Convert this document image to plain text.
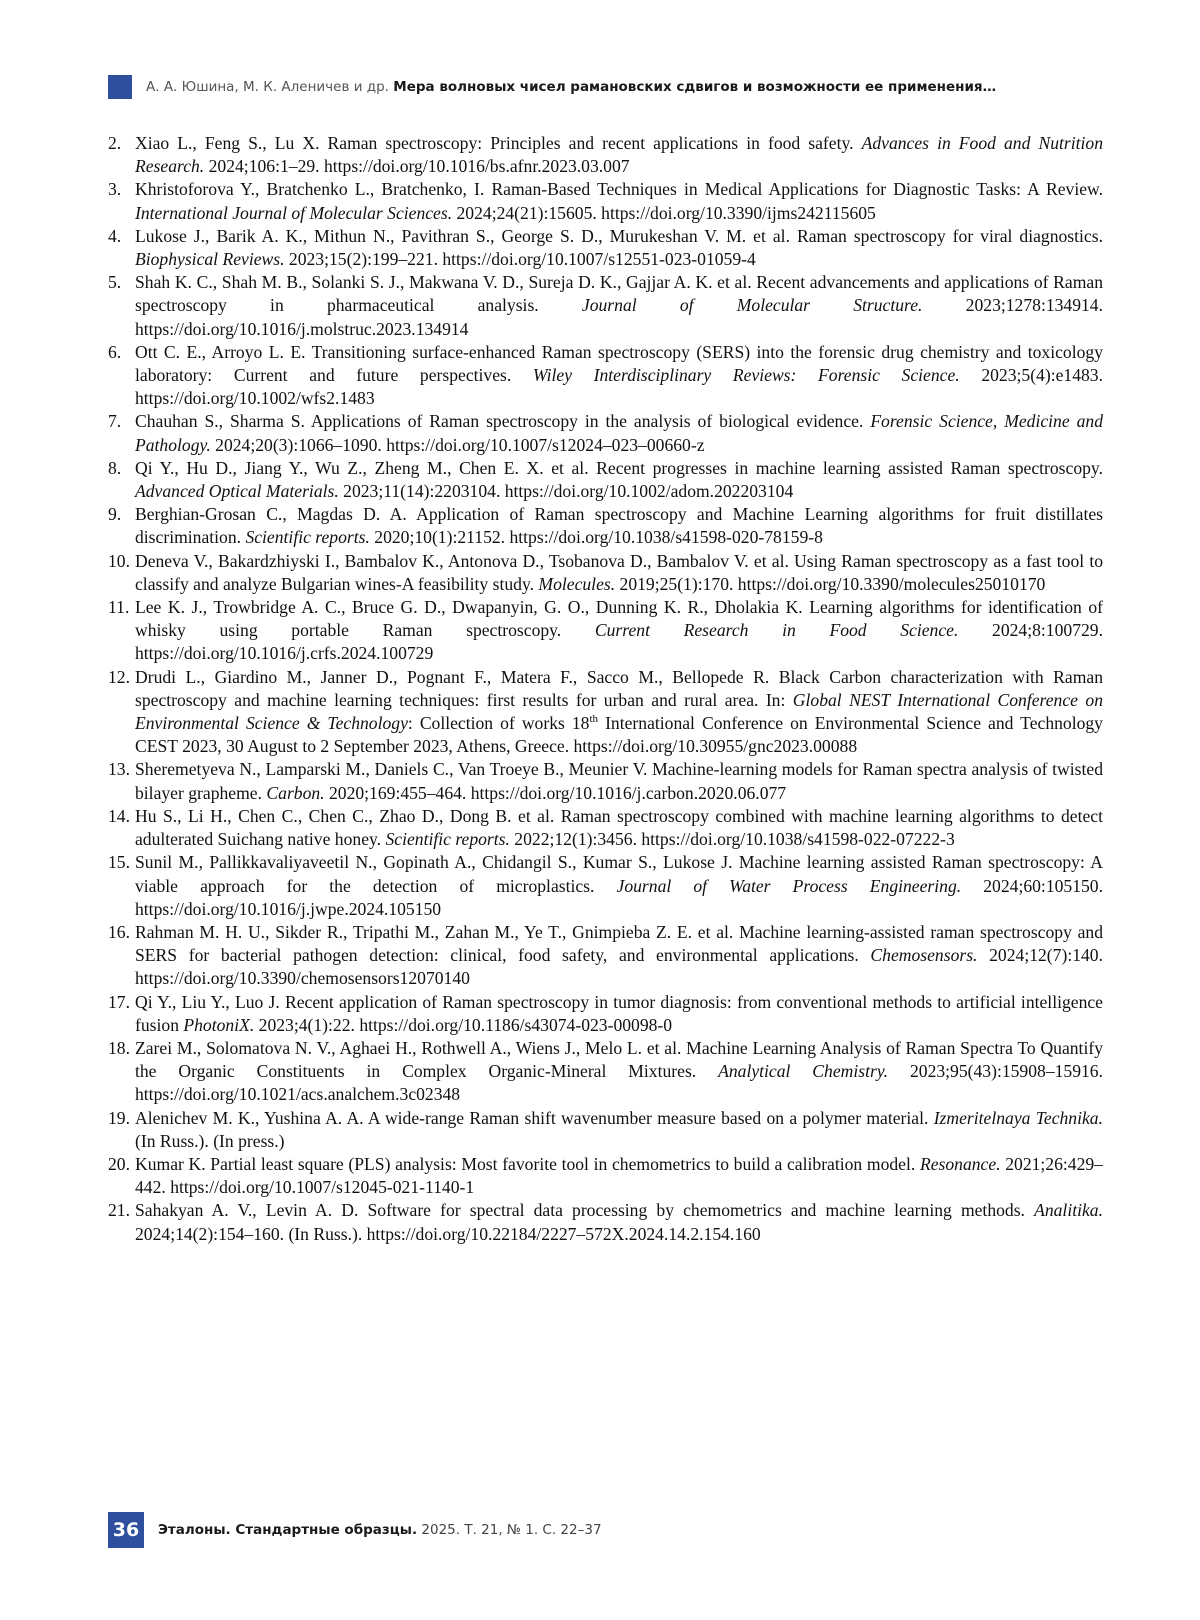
А. А. Юшина, М. К. Аленичев и др. Мера волновых чисел рамановских сдвигов и возможности ее применения…
2. Xiao L., Feng S., Lu X. Raman spectroscopy: Principles and recent applications in food safety. Advances in Food and Nutrition Research. 2024;106:1–29. https://doi.org/10.1016/bs.afnr.2023.03.007
3. Khristoforova Y., Bratchenko L., Bratchenko, I. Raman-Based Techniques in Medical Applications for Diagnostic Tasks: A Review. International Journal of Molecular Sciences. 2024;24(21):15605. https://doi.org/10.3390/ijms242115605
4. Lukose J., Barik A. K., Mithun N., Pavithran S., George S. D., Murukeshan V. M. et al. Raman spectroscopy for viral diagnostics. Biophysical Reviews. 2023;15(2):199–221. https://doi.org/10.1007/s12551-023-01059-4
5. Shah K. C., Shah M. B., Solanki S. J., Makwana V. D., Sureja D. K., Gajjar A. K. et al. Recent advancements and applications of Raman spectroscopy in pharmaceutical analysis. Journal of Molecular Structure. 2023;1278:134914. https://doi.org/10.1016/j.molstruc.2023.134914
6. Ott C. E., Arroyo L. E. Transitioning surface-enhanced Raman spectroscopy (SERS) into the forensic drug chemistry and toxicology laboratory: Current and future perspectives. Wiley Interdisciplinary Reviews: Forensic Science. 2023;5(4):e1483. https://doi.org/10.1002/wfs2.1483
7. Chauhan S., Sharma S. Applications of Raman spectroscopy in the analysis of biological evidence. Forensic Science, Medicine and Pathology. 2024;20(3):1066–1090. https://doi.org/10.1007/s12024–023–00660-z
8. Qi Y., Hu D., Jiang Y., Wu Z., Zheng M., Chen E. X. et al. Recent progresses in machine learning assisted Raman spectroscopy. Advanced Optical Materials. 2023;11(14):2203104. https://doi.org/10.1002/adom.202203104
9. Berghian-Grosan C., Magdas D. A. Application of Raman spectroscopy and Machine Learning algorithms for fruit distillates discrimination. Scientific reports. 2020;10(1):21152. https://doi.org/10.1038/s41598-020-78159-8
10. Deneva V., Bakardzhiyski I., Bambalov K., Antonova D., Tsobanova D., Bambalov V. et al. Using Raman spectroscopy as a fast tool to classify and analyze Bulgarian wines-A feasibility study. Molecules. 2019;25(1):170. https://doi.org/10.3390/molecules25010170
11. Lee K. J., Trowbridge A. C., Bruce G. D., Dwapanyin, G. O., Dunning K. R., Dholakia K. Learning algorithms for identification of whisky using portable Raman spectroscopy. Current Research in Food Science. 2024;8:100729. https://doi.org/10.1016/j.crfs.2024.100729
12. Drudi L., Giardino M., Janner D., Pognant F., Matera F., Sacco M., Bellopede R. Black Carbon characterization with Raman spectroscopy and machine learning techniques: first results for urban and rural area. In: Global NEST International Conference on Environmental Science & Technology: Collection of works 18th International Conference on Environmental Science and Technology CEST 2023, 30 August to 2 September 2023, Athens, Greece. https://doi.org/10.30955/gnc2023.00088
13. Sheremetyeva N., Lamparski M., Daniels C., Van Troeye B., Meunier V. Machine-learning models for Raman spectra analysis of twisted bilayer grapheme. Carbon. 2020;169:455–464. https://doi.org/10.1016/j.carbon.2020.06.077
14. Hu S., Li H., Chen C., Chen C., Zhao D., Dong B. et al. Raman spectroscopy combined with machine learning algorithms to detect adulterated Suichang native honey. Scientific reports. 2022;12(1):3456. https://doi.org/10.1038/s41598-022-07222-3
15. Sunil M., Pallikkavaliyaveetil N., Gopinath A., Chidangil S., Kumar S., Lukose J. Machine learning assisted Raman spectroscopy: A viable approach for the detection of microplastics. Journal of Water Process Engineering. 2024;60:105150. https://doi.org/10.1016/j.jwpe.2024.105150
16. Rahman M. H. U., Sikder R., Tripathi M., Zahan M., Ye T., Gnimpieba Z. E. et al. Machine learning-assisted raman spectroscopy and SERS for bacterial pathogen detection: clinical, food safety, and environmental applications. Chemosensors. 2024;12(7):140. https://doi.org/10.3390/chemosensors12070140
17. Qi Y., Liu Y., Luo J. Recent application of Raman spectroscopy in tumor diagnosis: from conventional methods to artificial intelligence fusion PhotoniX. 2023;4(1):22. https://doi.org/10.1186/s43074-023-00098-0
18. Zarei M., Solomatova N. V., Aghaei H., Rothwell A., Wiens J., Melo L. et al. Machine Learning Analysis of Raman Spectra To Quantify the Organic Constituents in Complex Organic-Mineral Mixtures. Analytical Chemistry. 2023;95(43):15908–15916. https://doi.org/10.1021/acs.analchem.3c02348
19. Alenichev M. K., Yushina A. A. A wide-range Raman shift wavenumber measure based on a polymer material. Izmeritelnaya Technika. (In Russ.). (In press.)
20. Kumar K. Partial least square (PLS) analysis: Most favorite tool in chemometrics to build a calibration model. Resonance. 2021;26:429–442. https://doi.org/10.1007/s12045-021-1140-1
21. Sahakyan A. V., Levin A. D. Software for spectral data processing by chemometrics and machine learning methods. Analitika. 2024;14(2):154–160. (In Russ.). https://doi.org/10.22184/2227–572X.2024.14.2.154.160
36	Эталоны. Стандартные образцы. 2025. Т. 21, № 1. С. 22–37
